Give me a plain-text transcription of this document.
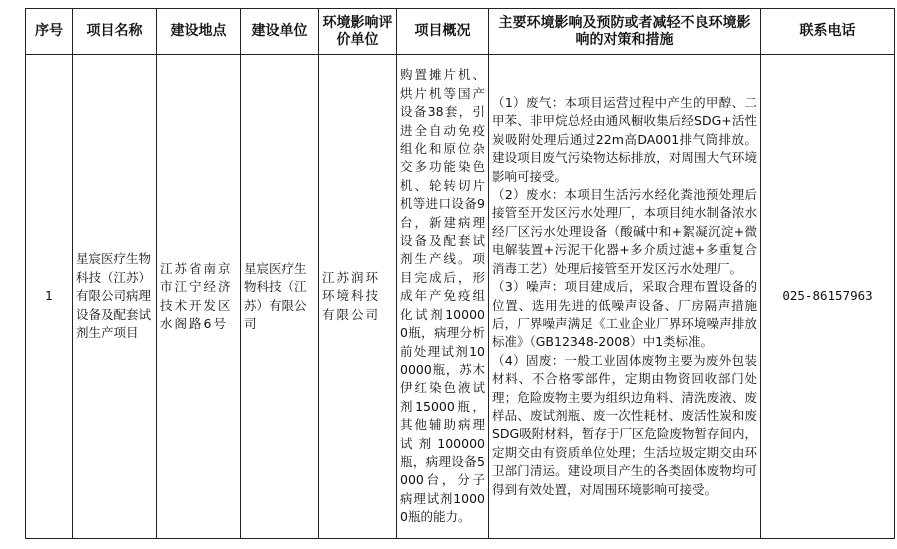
序号	项目名称	建设地点	建设单位	环境影响评价单位	项目概况	主要环境影响及预防或者减轻不良环境影响的对策和措施	联系电话
1	星宸医疗生物科技（江苏）有限公司病理设备及配套试剂生产项目	江苏省南京市江宁经济技术开发区水阁路6号	星宸医疗生物科技（江苏）有限公司	江苏润环环境科技有限公司	购置摊片机、烘片机等国产设备38套，引进全自动免疫组化和原位杂交多功能染色机、轮转切片机等进口设备9台，新建病理设备及配套试剂生产线。项目完成后，形成年产免疫组化试剂100000瓶，病理分析前处理试剂100000瓶，苏木伊红染色液试剂15000瓶，其他辅助病理试剂100000瓶，病理设备5000台，分子病理试剂10000瓶的能力。	（1）废气：本项目运营过程中产生的甲醇、二甲苯、非甲烷总烃由通风橱收集后经SDG+活性炭吸附处理后通过22m高DA001排气筒排放。建设项目废气污染物达标排放，对周围大气环境影响可接受。
（2）废水：本项目生活污水经化粪池预处理后接管至开发区污水处理厂，本项目纯水制备浓水经厂区污水处理设备（酸碱中和+絮凝沉淀+微电解装置+污泥干化器+多介质过滤+多重复合消毒工艺）处理后接管至开发区污水处理厂。
（3）噪声：项目建成后，采取合理布置设备的位置、选用先进的低噪声设备、厂房隔声措施后，厂界噪声满足《工业企业厂界环境噪声排放标准》（GB12348-2008）中1类标准。
（4）固废：一般工业固体废物主要为废外包装材料、不合格零部件，定期由物资回收部门处理；危险废物主要为组织边角料、清洗废液、废样品、废试剂瓶、废一次性耗材、废活性炭和废SDG吸附材料，暂存于厂区危险废物暂存间内，定期交由有资质单位处理；生活垃圾定期交由环卫部门清运。建设项目产生的各类固体废物均可得到有效处置，对周围环境影响可接受。	025-86157963
